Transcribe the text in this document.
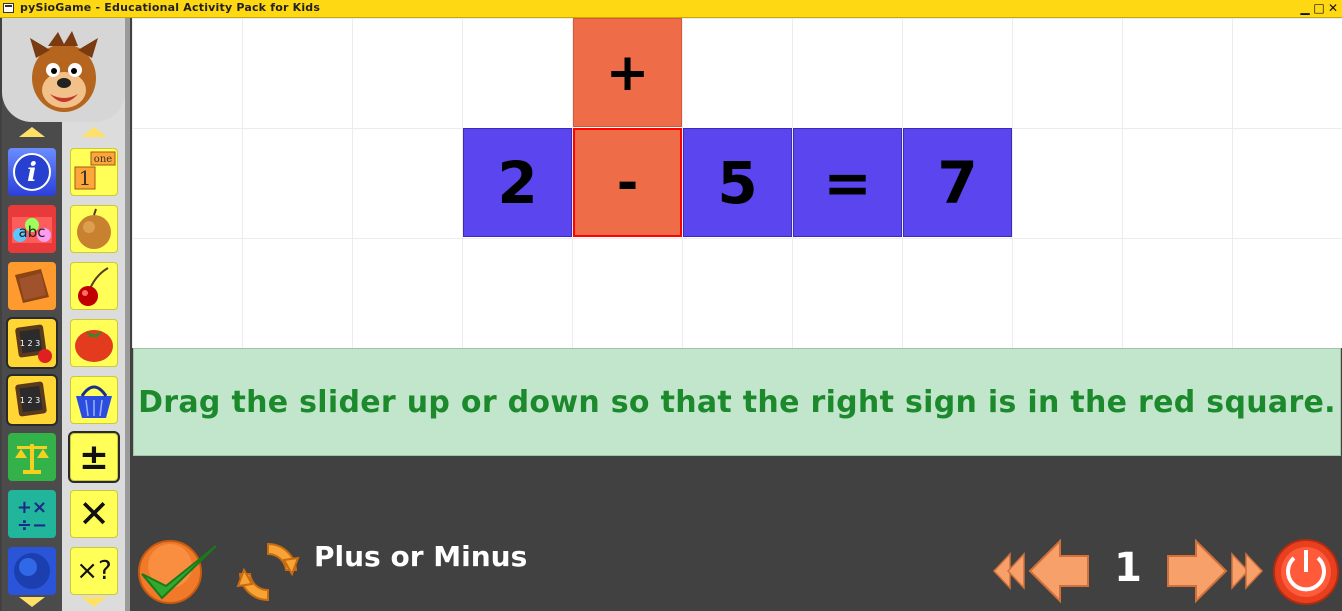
pySioGame - Educational Activity Pack for Kids	▁ □ ✕
i
abc
1 2 3
1 2 3
+×
÷−
one
1
±
✕
×?
+
2	-	5	=	7
Drag the slider up or down so that the right sign is in the red square.
Plus or Minus	1
